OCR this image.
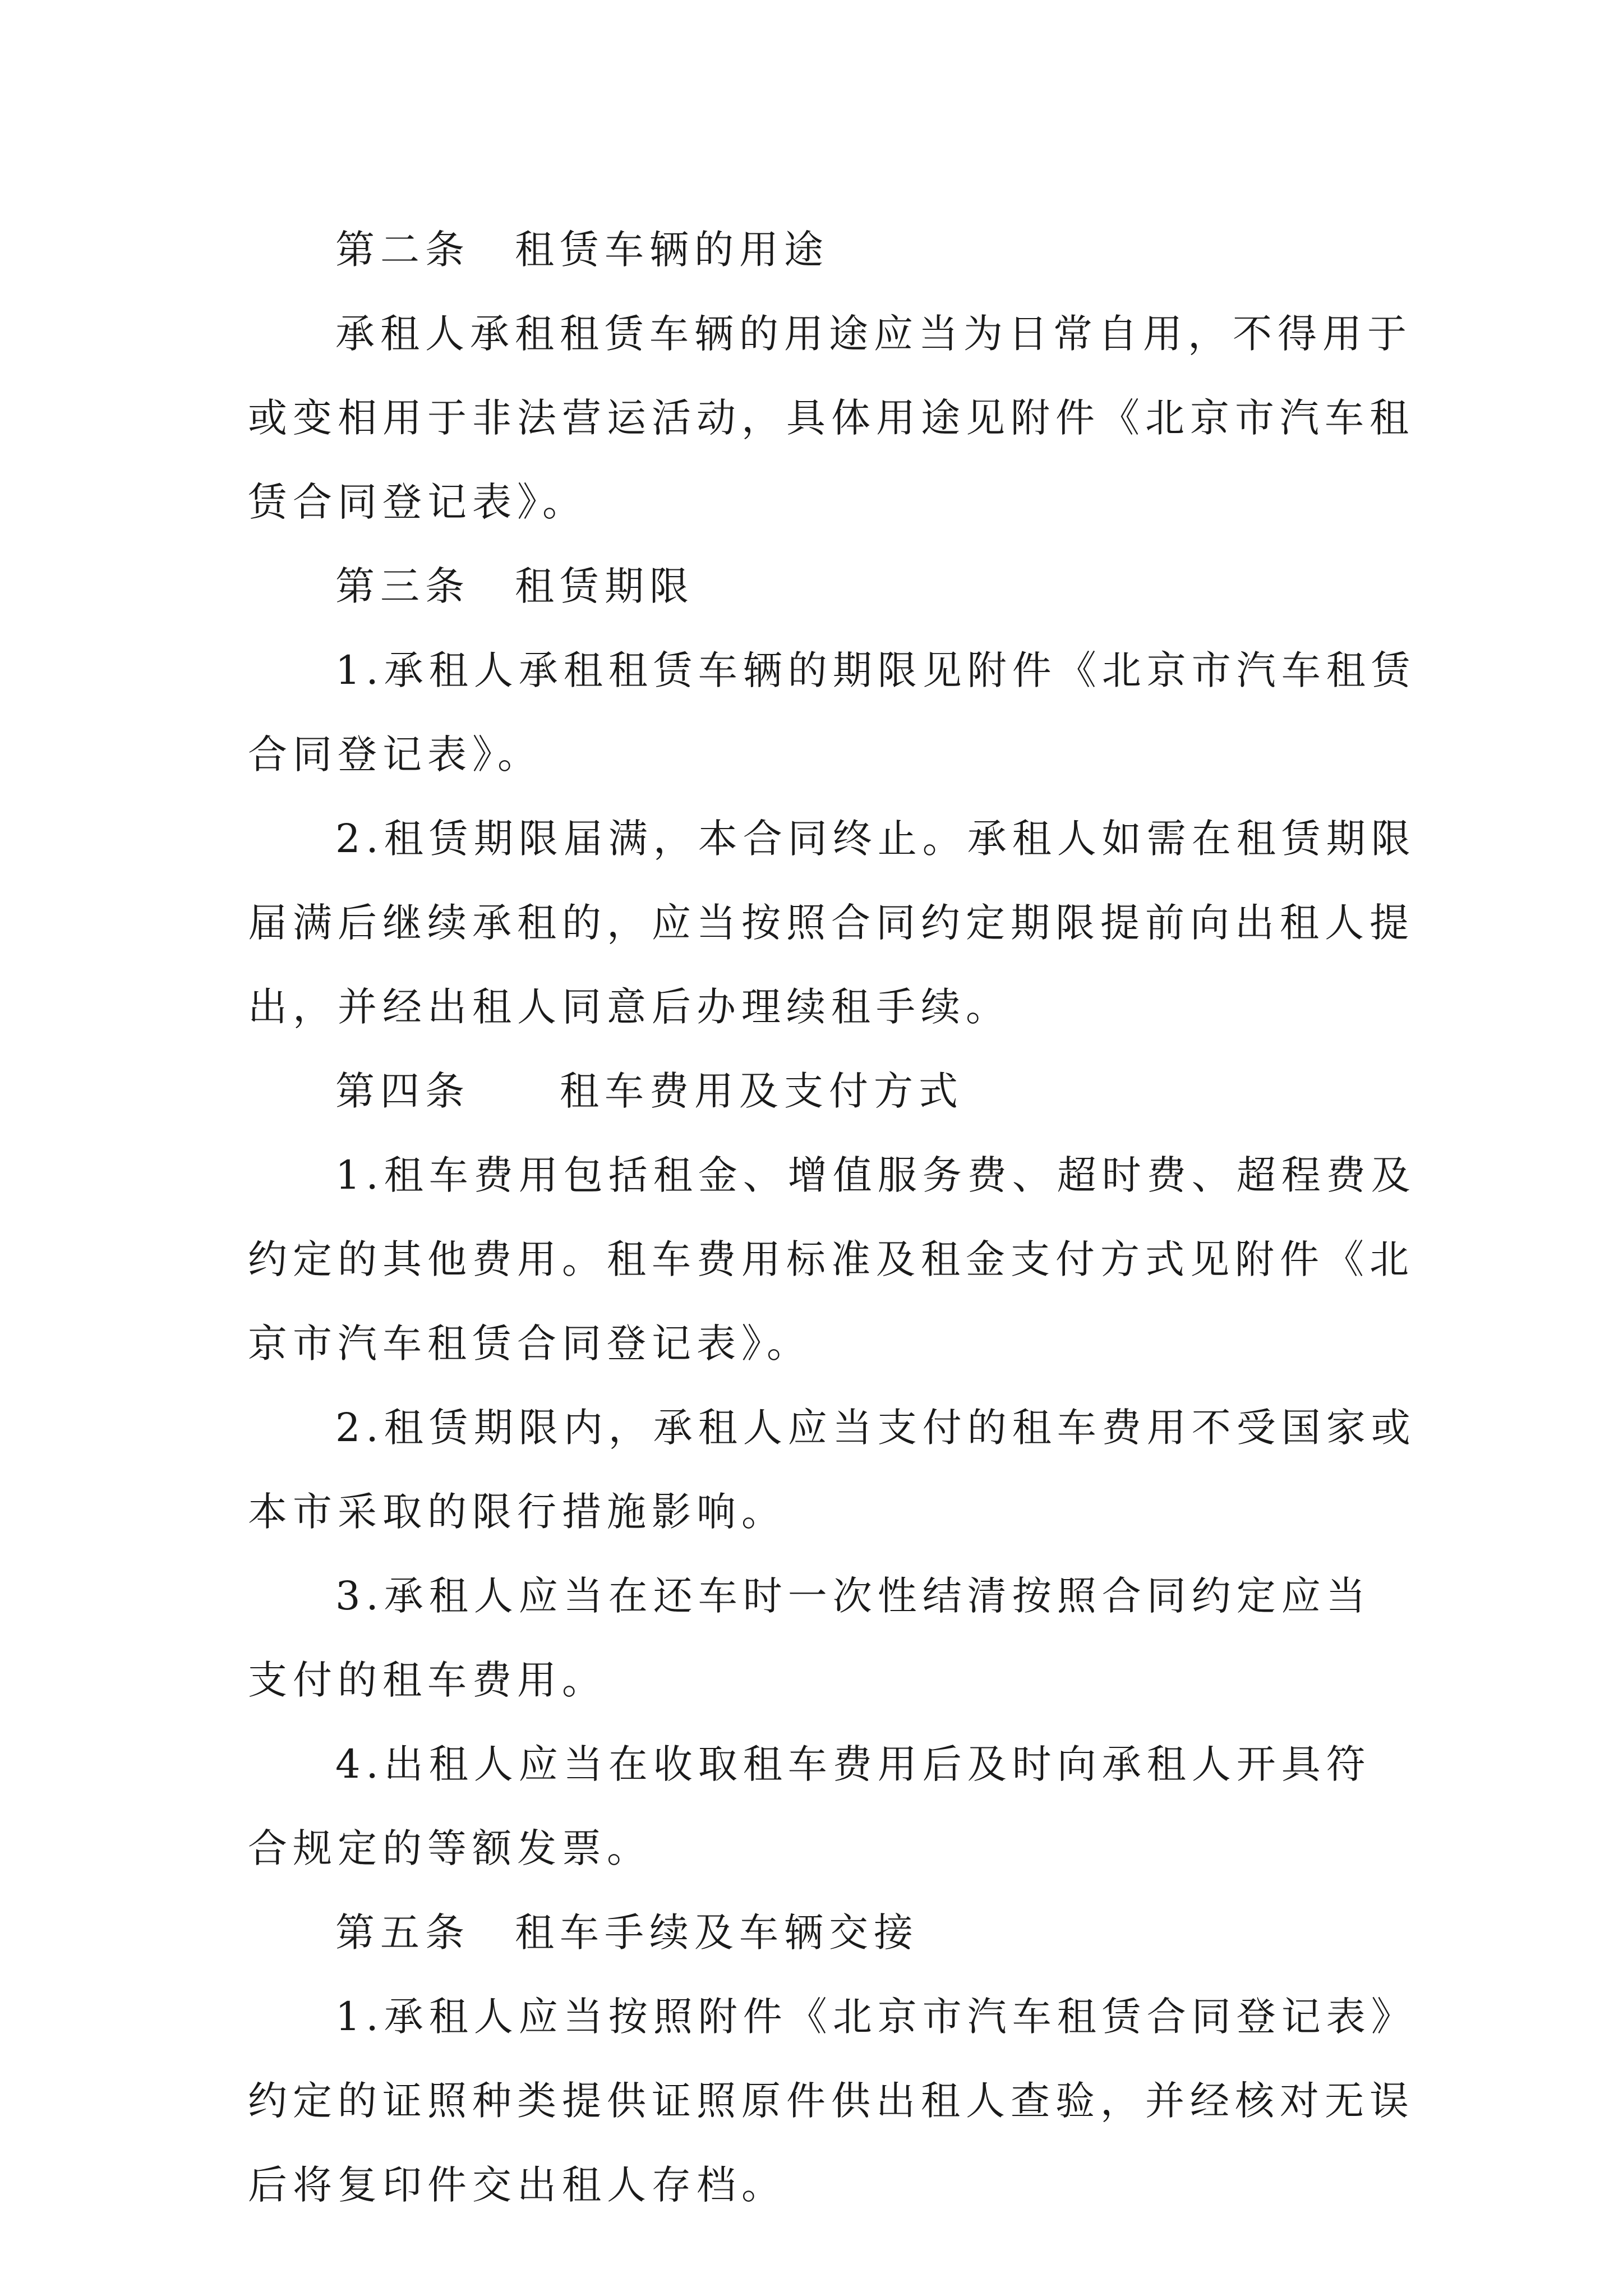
第二条 租赁车辆的用途
承租人承租租赁车辆的用途应当为日常自用，不得用于
或变相用于非法营运活动，具体用途见附件《北京市汽车租
赁合同登记表》。
第三条 租赁期限
1.承租人承租租赁车辆的期限见附件《北京市汽车租赁
合同登记表》。
2.租赁期限届满，本合同终止。承租人如需在租赁期限
届满后继续承租的，应当按照合同约定期限提前向出租人提
出，并经出租人同意后办理续租手续。
第四条 租车费用及支付方式
1.租车费用包括租金、增值服务费、超时费、超程费及
约定的其他费用。租车费用标准及租金支付方式见附件《北
京市汽车租赁合同登记表》。
2.租赁期限内，承租人应当支付的租车费用不受国家或
本市采取的限行措施影响。
3.承租人应当在还车时一次性结清按照合同约定应当
支付的租车费用。
4.出租人应当在收取租车费用后及时向承租人开具符
合规定的等额发票。
第五条 租车手续及车辆交接
1.承租人应当按照附件《北京市汽车租赁合同登记表》
约定的证照种类提供证照原件供出租人查验，并经核对无误
后将复印件交出租人存档。
